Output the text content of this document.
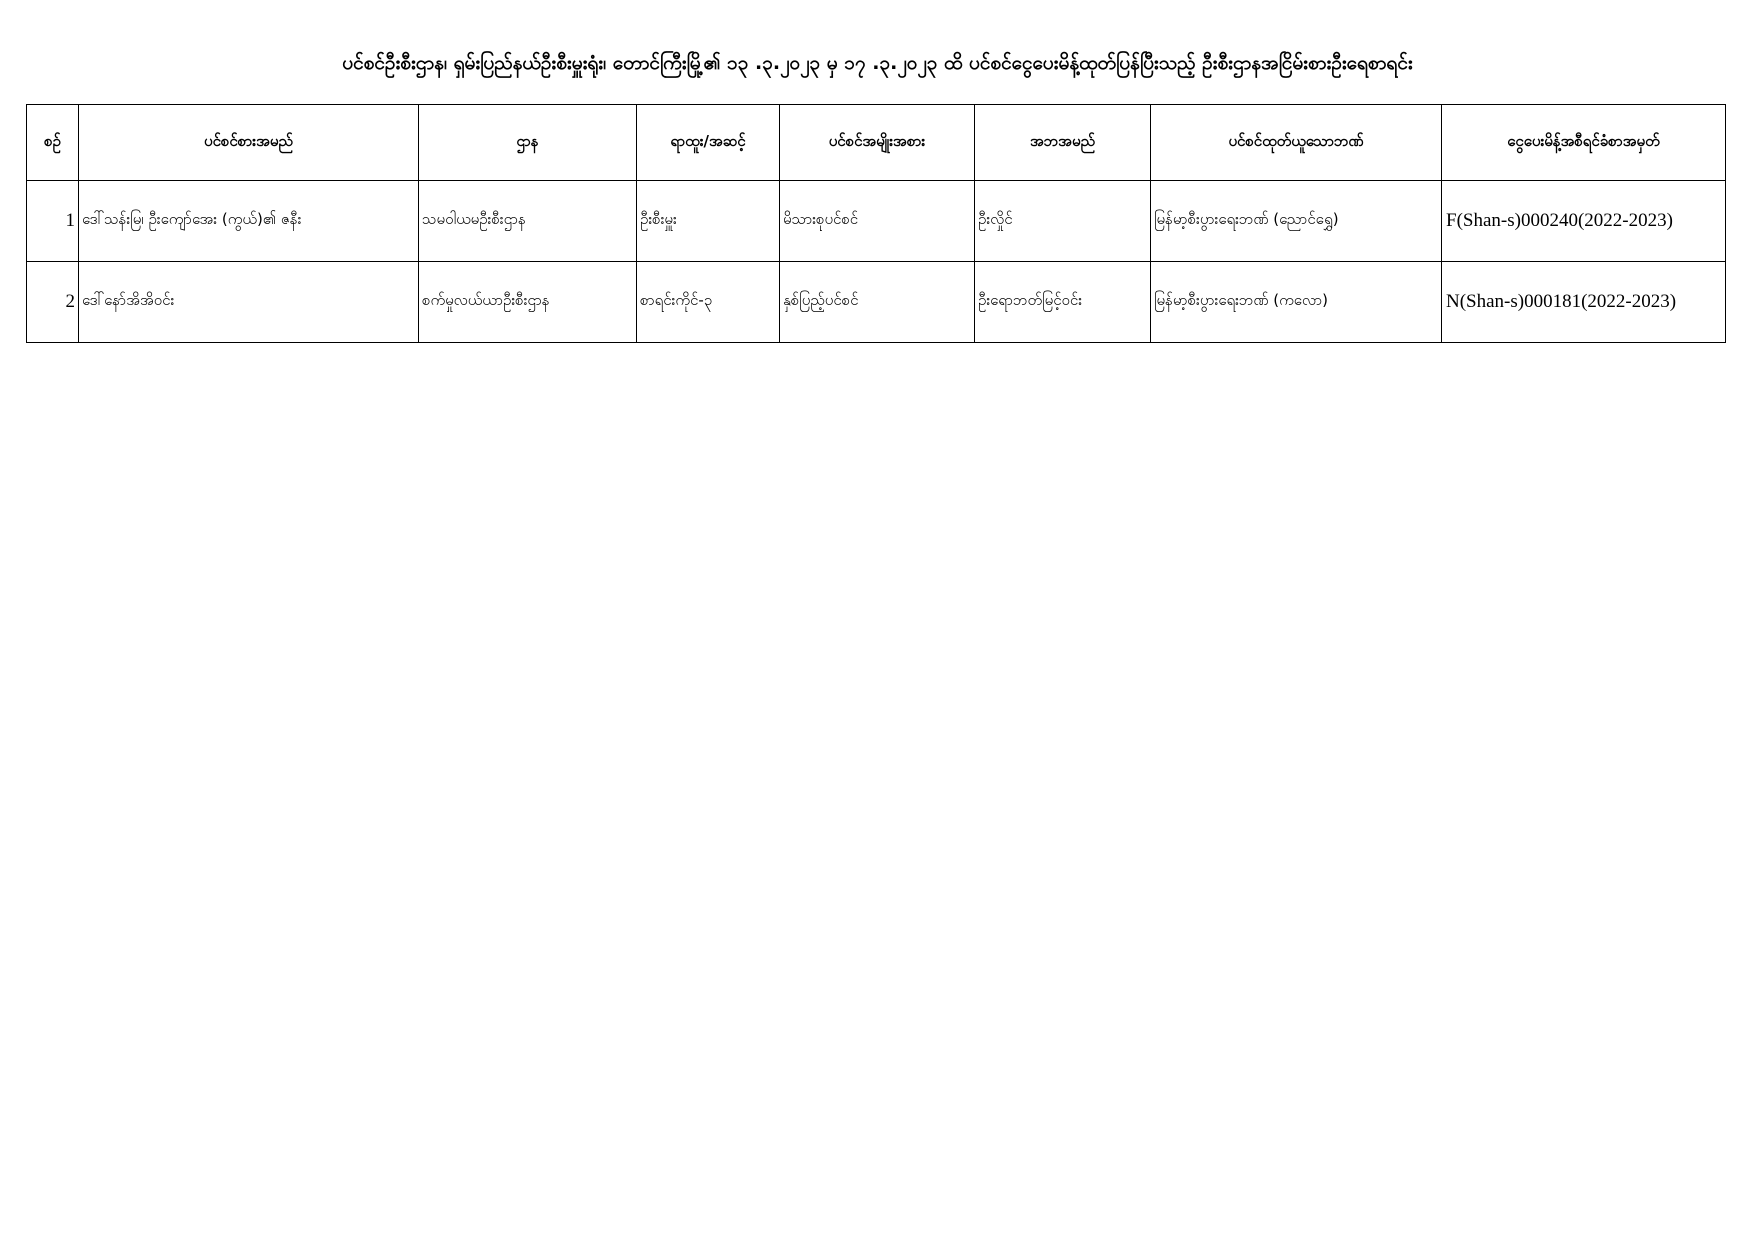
ပင်စင်ဦးစီးဌာန၊ ရှမ်းပြည်နယ်ဦးစီးမှူးရုံး၊ တောင်ကြီးမြို့၏ ၁၃ .၃.၂၀၂၃ မှ ၁၇ .၃.၂၀၂၃ ထိ ပင်စင်ငွေပေးမိန့်ထုတ်ပြန်ပြီးသည့် ဦးစီးဌာနအငြိမ်းစားဦးရေစာရင်း
စဉ်	ပင်စင်စားအမည်	ဌာန	ရာထူး/အဆင့်	ပင်စင်အမျိုးအစား	အဘအမည်	ပင်စင်ထုတ်ယူသောဘဏ်	ငွေပေးမိန့်အစီရင်ခံစာအမှတ်
1	ဒေါ်သန်းမြ၊ ဦးကျော်အေး (ကွယ်)၏ ဇနီး	သမဝါယမဦးစီးဌာန	ဦးစီးမှူး	မိသားစုပင်စင်	ဦးလှိုင်	မြန်မာ့စီးပွားရေးဘဏ် (ညောင်ရွှေ)	F(Shan-s)000240(2022-2023)
2	ဒေါ်နော်အိအိဝင်း	စက်မှုလယ်ယာဦးစီးဌာန	စာရင်းကိုင်-၃	နှစ်ပြည့်ပင်စင်	ဦးရောဘတ်မြင့်ဝင်း	မြန်မာ့စီးပွားရေးဘဏ် (ကလော)	N(Shan-s)000181(2022-2023)
